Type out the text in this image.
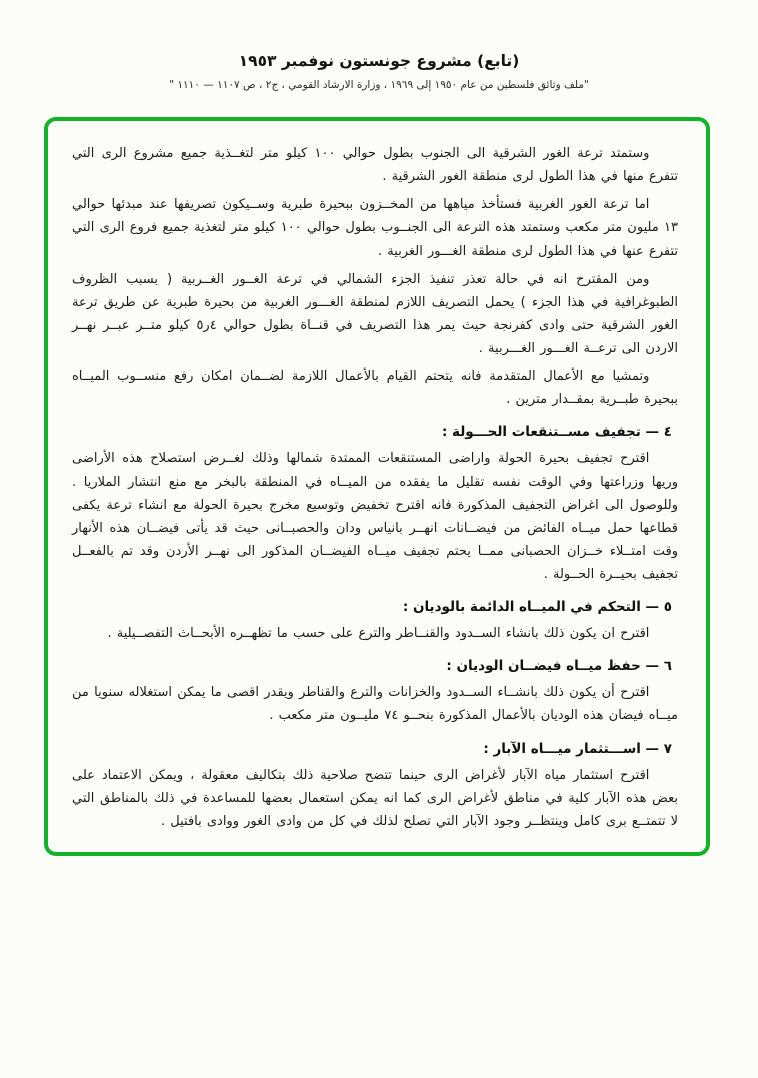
(تابع) مشروع جونستون نوفمبر ١٩٥٣
"ملف وثائق فلسطين من عام ١٩٥٠ إلى ١٩٦٩ ، وزارة الارشاد القومي ، ج٢ ، ص ١١٠٧ — ١١١٠ "

وستمتد ترعة الغور الشرقية الى الجنوب بطول حوالي ١٠٠ كيلو متر لتغــذية جميع مشروع الرى التي تتفرع منها في هذا الطول لرى منطقة الغور الشرقية .

اما ترعة الغور الغربية فستأخذ مياهها من المخــزون ببحيرة طبرية وســيكون تصريفها عند مبدئها حوالي ١٣ مليون متر مكعب وستمتد هذه الترعة الى الجنــوب بطول حوالي ١٠٠ كيلو متر لتغذية جميع فروع الرى التي تتفرع عنها في هذا الطول لرى منطقة الغـــور الغربية .

ومن المقترح انه في حالة تعذر تنفيذ الجزء الشمالي في ترعة الغــور الغــربية ( بسبب الظروف الطبوغرافية في هذا الجزء ) يحمل التصريف اللازم لمنطقة الغـــور الغربية من بحيرة طبرية عن طريق ترعة الغور الشرقية حتى وادى كفرنجة حيث يمر هذا التصريف في قنــاة بطول حوالي ٤ر٥ كيلو متــر عبــر نهــر الاردن الى ترعــة الغـــور الغـــربية .

وتمشيا مع الأعمال المتقدمة فانه يتحتم القيام بالأعمال اللازمة لضــمان امكان رفع منســوب الميــاه ببحيرة طبــرية بمقــدار مترين .

٤ — تجفيف مســتنقعات الحـــولة :

اقترح تجفيف بحيرة الحولة واراضى المستنقعات الممتدة شمالها وذلك لغــرض استصلاح هذه الأراضى وريها وزراعتها وفي الوقت نفسه تقليل ما يفقده من الميــاه في المنطقة بالبخر مع منع انتشار الملاريا . وللوصول الى اغراض التجفيف المذكورة فانه اقترح تخفيض وتوسيع مخرج بحيرة الحولة مع انشاء ترعة يكفى قطاعها حمل ميــاه الفائض من فيضــانات انهــر بانياس ودان والحصبــانى حيث قد يأتى فيضــان هذه الأنهار وقت امتــلاء خــزان الحصبانى ممــا يحتم تجفيف ميــاه الفيضــان المذكور الى نهــر الأردن وقد تم بالفعــل تجفيف بحيــرة الحــولة .

٥ — التحكم في الميــاه الدائمة بالوديان :

اقترح ان يكون ذلك بانشاء الســدود والقنــاطر والترع على حسب ما تظهــره الأبحــاث التفصــيلية .

٦ — حفظ ميــاه فيضــان الوديان :

اقترح أن يكون ذلك بانشــاء الســدود والخزانات والترع والقناطر ويقدر اقصى ما يمكن استغلاله سنويا من ميــاه فيضان هذه الوديان بالأعمال المذكورة بنحــو ٧٤ مليــون متر مكعب .

٧ — اســـتثمار ميـــاه الآبار :

اقترح استثمار مياه الآبار لأغراض الرى حينما تتضح صلاحية ذلك بتكاليف معقولة ، ويمكن الاعتماد على بعض هذه الآبار كلية في مناطق لأغراض الرى كما انه يمكن استعمال بعضها للمساعدة في ذلك بالمناطق التي لا تتمتــع برى كامل وينتظــر وجود الآبار التي تصلح لذلك في كل من وادى الغور ووادى بافتيل .
